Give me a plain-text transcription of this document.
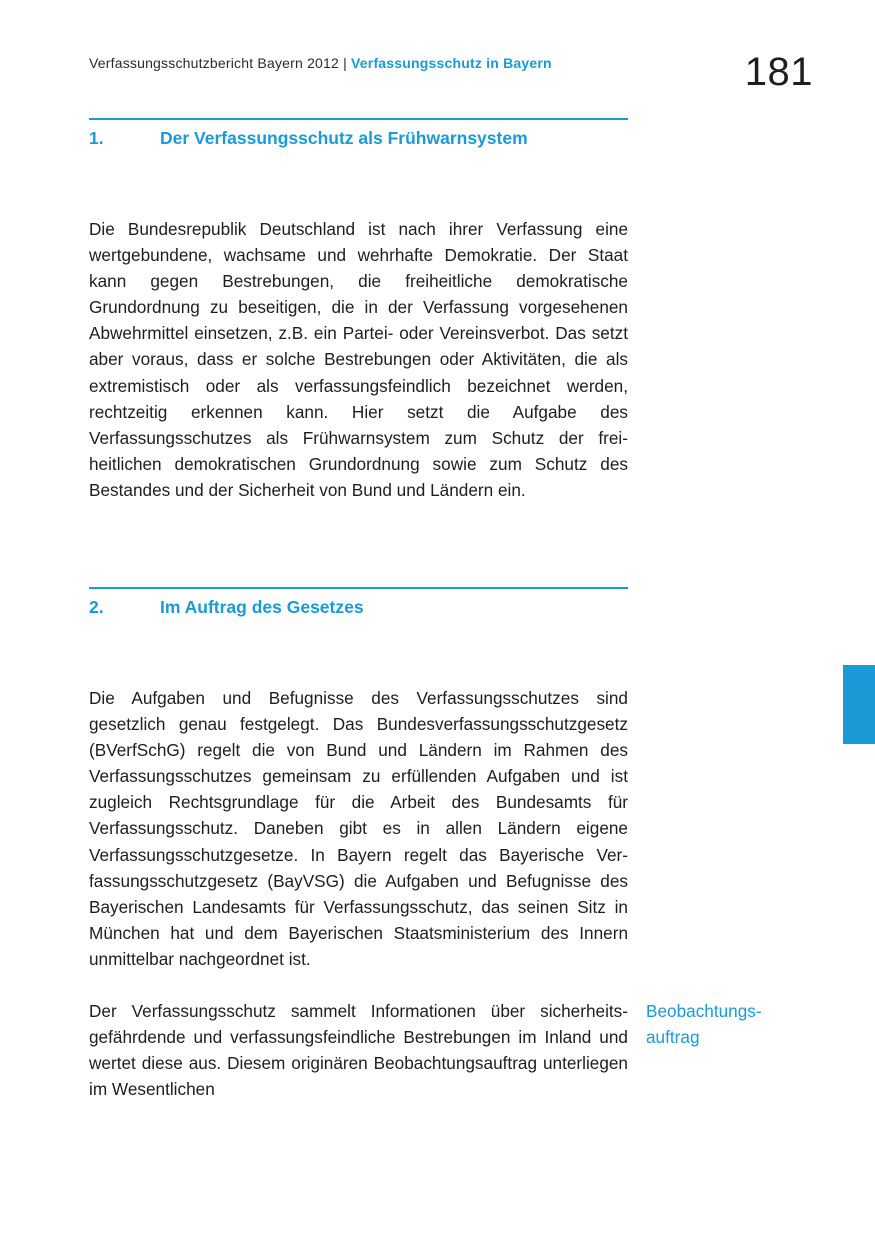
Verfassungsschutzbericht Bayern 2012 | Verfassungsschutz in Bayern	181
1.	Der Verfassungsschutz als Frühwarnsystem

Die Bundesrepublik Deutschland ist nach ihrer Verfassung eine wertgebundene, wachsame und wehrhafte Demokratie. Der Staat kann gegen Bestrebungen, die freiheitliche demokratische Grundordnung zu beseitigen, die in der Verfassung vorgesehenen Abwehrmittel einsetzen, z.B. ein Partei- oder Vereinsverbot. Das setzt aber voraus, dass er solche Bestrebungen oder Aktivitäten, die als extremistisch oder als verfassungsfeindlich bezeichnet werden, rechtzeitig erkennen kann. Hier setzt die Aufgabe des Verfassungsschutzes als Frühwarnsystem zum Schutz der freiheitlichen demokratischen Grundordnung sowie zum Schutz des Bestandes und der Sicherheit von Bund und Ländern ein.

2.	Im Auftrag des Gesetzes

Die Aufgaben und Befugnisse des Verfassungsschutzes sind gesetzlich genau festgelegt. Das Bundesverfassungsschutzgesetz (BVerfSchG) regelt die von Bund und Ländern im Rahmen des Verfassungsschutzes gemeinsam zu erfüllenden Aufgaben und ist zugleich Rechtsgrundlage für die Arbeit des Bundesamts für Verfassungsschutz. Daneben gibt es in allen Ländern eigene Verfassungsschutzgesetze. In Bayern regelt das Bayerische Verfassungsschutzgesetz (BayVSG) die Aufgaben und Befugnisse des Bayerischen Landesamts für Verfassungsschutz, das seinen Sitz in München hat und dem Bayerischen Staatsministerium des Innern unmittelbar nachgeordnet ist.

Der Verfassungsschutz sammelt Informationen über sicherheitsgefährdende und verfassungsfeindliche Bestrebungen im Inland und wertet diese aus. Diesem originären Beobachtungsauftrag unterliegen im Wesentlichen

Beobachtungsauftrag
